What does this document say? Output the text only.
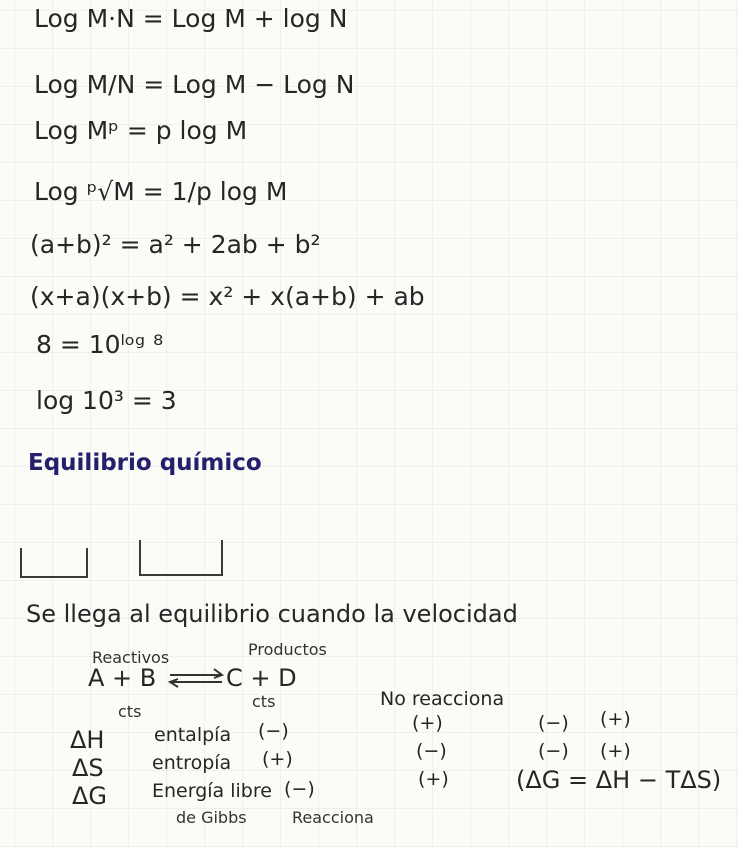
Log M·N = Log M + log N
Log M/N = Log M − Log N
Log Mᵖ = p log M
Log ᵖ√M = 1/p log M
(a+b)² = a² + 2ab + b²
(x+a)(x+b) = x² + x(a+b) + ab
8 = 10ˡᵒᵍ ⁸
log 10³ = 3
Equilibrio químico
Se llega al equilibrio cuando la velocidad
Reactivos	Productos
A + B ⇌ C + D
cts
cts	No reacciona
ΔH	entalpía (−)	(+)	(−) (+)
ΔS	entropía (+)	(−)	(−) (+)
ΔG Energía libre (−)	(+)	(ΔG = ΔH − TΔS)
de Gibbs	Reacciona
